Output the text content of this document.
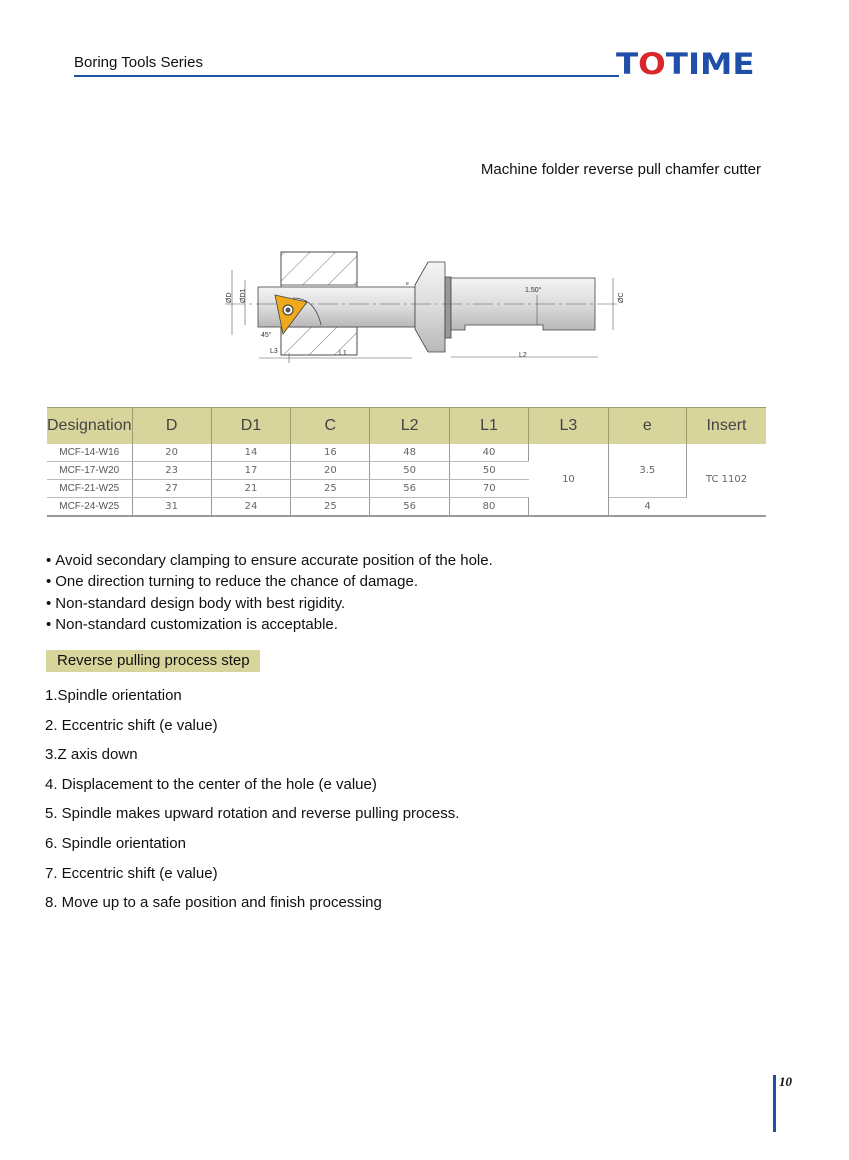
Boring Tools Series	TOTIME
Machine folder reverse pull chamfer cutter
ØD ØD1	ØC
L3	L1	L2
45°
1.50°
e
Designation	D	D1	C	L2	L1	L3	e	Insert
MCF-14-W16	20	14	16	48	40	10	3.5	TC 1102
MCF-17-W20	23	17	20	50	50			
MCF-21-W25	27	21	25	56	70			
MCF-24-W25	31	24	25	56	80		4	
• Avoid secondary clamping to ensure accurate position of the hole.
• One direction turning to reduce the chance of damage.
• Non-standard design body with best rigidity.
• Non-standard customization is acceptable.
Reverse pulling process step
1.Spindle orientation
2. Eccentric shift (e value)
3.Z axis down
4. Displacement to the center of the hole (e value)
5. Spindle makes upward rotation and reverse pulling process.
6. Spindle orientation
7. Eccentric shift (e value)
8. Move up to a safe position and finish processing
10
